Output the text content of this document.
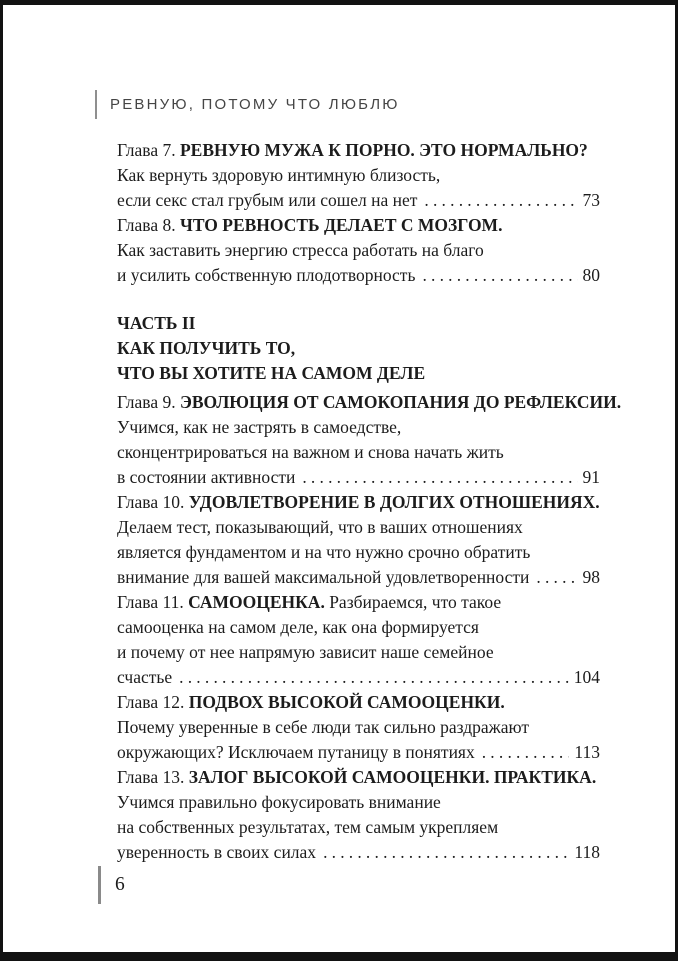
РЕВНУЮ, ПОТОМУ ЧТО ЛЮБЛЮ
Глава 7. РЕВНУЮ МУЖА К ПОРНО. ЭТО НОРМАЛЬНО?
Как вернуть здоровую интимную близость,
если секс стал грубым или сошел на нет .....	73
Глава 8. ЧТО РЕВНОСТЬ ДЕЛАЕТ С МОЗГОМ.
Как заставить энергию стресса работать на благо
и усилить собственную плодотворность .....	80
ЧАСТЬ II
КАК ПОЛУЧИТЬ ТО,
ЧТО ВЫ ХОТИТЕ НА САМОМ ДЕЛЕ
Глава 9. ЭВОЛЮЦИЯ ОТ САМОКОПАНИЯ ДО РЕФЛЕКСИИ.
Учимся, как не застрять в самоедстве,
сконцентрироваться на важном и снова начать жить
в состоянии активности .....	91
Глава 10. УДОВЛЕТВОРЕНИЕ В ДОЛГИХ ОТНОШЕНИЯХ.
Делаем тест, показывающий, что в ваших отношениях
является фундаментом и на что нужно срочно обратить
внимание для вашей максимальной удовлетворенности .....	98
Глава 11. САМООЦЕНКА. Разбираемся, что такое
самооценка на самом деле, как она формируется
и почему от нее напрямую зависит наше семейное
счастье .....	104
Глава 12. ПОДВОХ ВЫСОКОЙ САМООЦЕНКИ.
Почему уверенные в себе люди так сильно раздражают
окружающих? Исключаем путаницу в понятиях .....	113
Глава 13. ЗАЛОГ ВЫСОКОЙ САМООЦЕНКИ. ПРАКТИКА.
Учимся правильно фокусировать внимание
на собственных результатах, тем самым укрепляем
уверенность в своих силах .....	118
6
